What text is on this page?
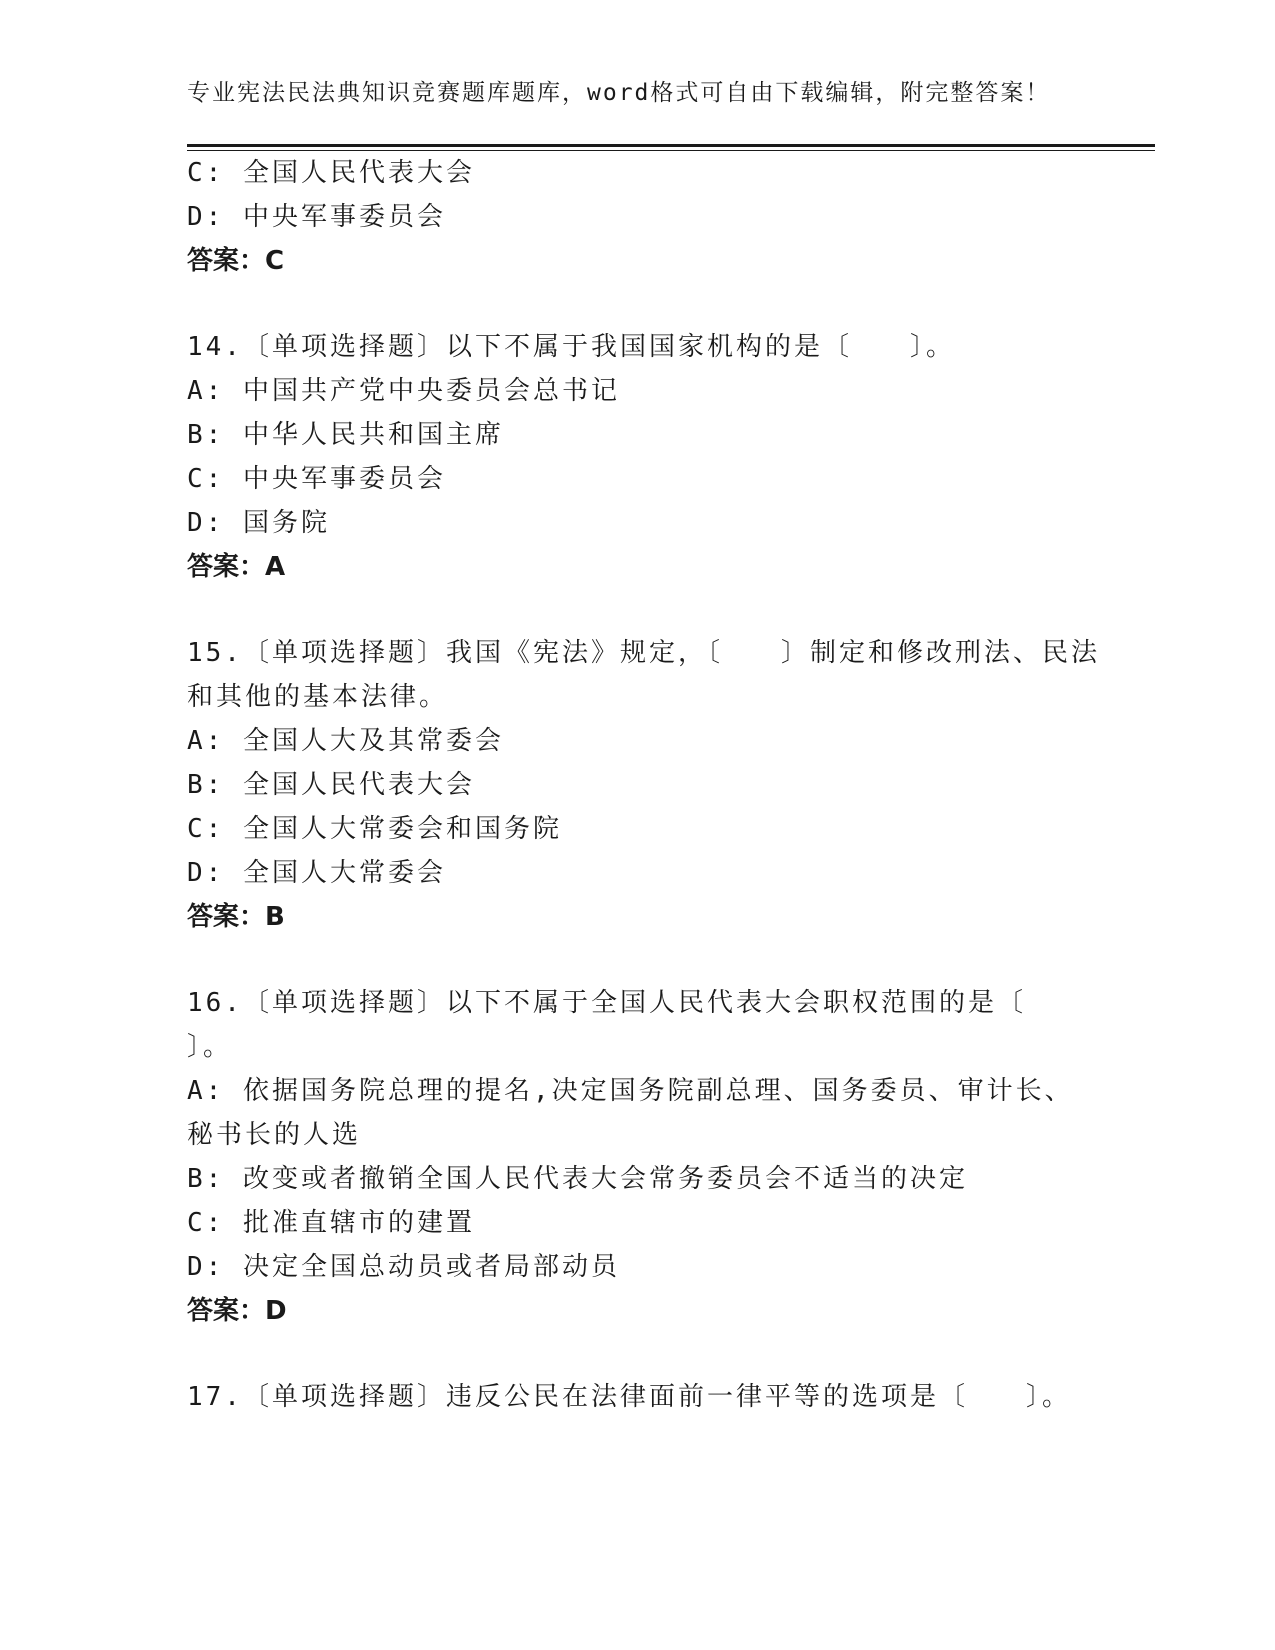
专业宪法民法典知识竞赛题库题库，word格式可自由下载编辑，附完整答案！
C: 全国人民代表大会
D: 中央军事委员会
答案：C
14.〔单项选择题〕以下不属于我国国家机构的是〔　　〕。
A: 中国共产党中央委员会总书记
B: 中华人民共和国主席
C: 中央军事委员会
D: 国务院
答案：A
15.〔单项选择题〕我国《宪法》规定，〔　　〕制定和修改刑法、民法
和其他的基本法律。
A: 全国人大及其常委会
B: 全国人民代表大会
C: 全国人大常委会和国务院
D: 全国人大常委会
答案：B
16.〔单项选择题〕以下不属于全国人民代表大会职权范围的是〔
〕。
A: 依据国务院总理的提名,决定国务院副总理、国务委员、审计长、
秘书长的人选
B: 改变或者撤销全国人民代表大会常务委员会不适当的决定
C: 批准直辖市的建置
D: 决定全国总动员或者局部动员
答案：D
17.〔单项选择题〕违反公民在法律面前一律平等的选项是〔　　〕。
